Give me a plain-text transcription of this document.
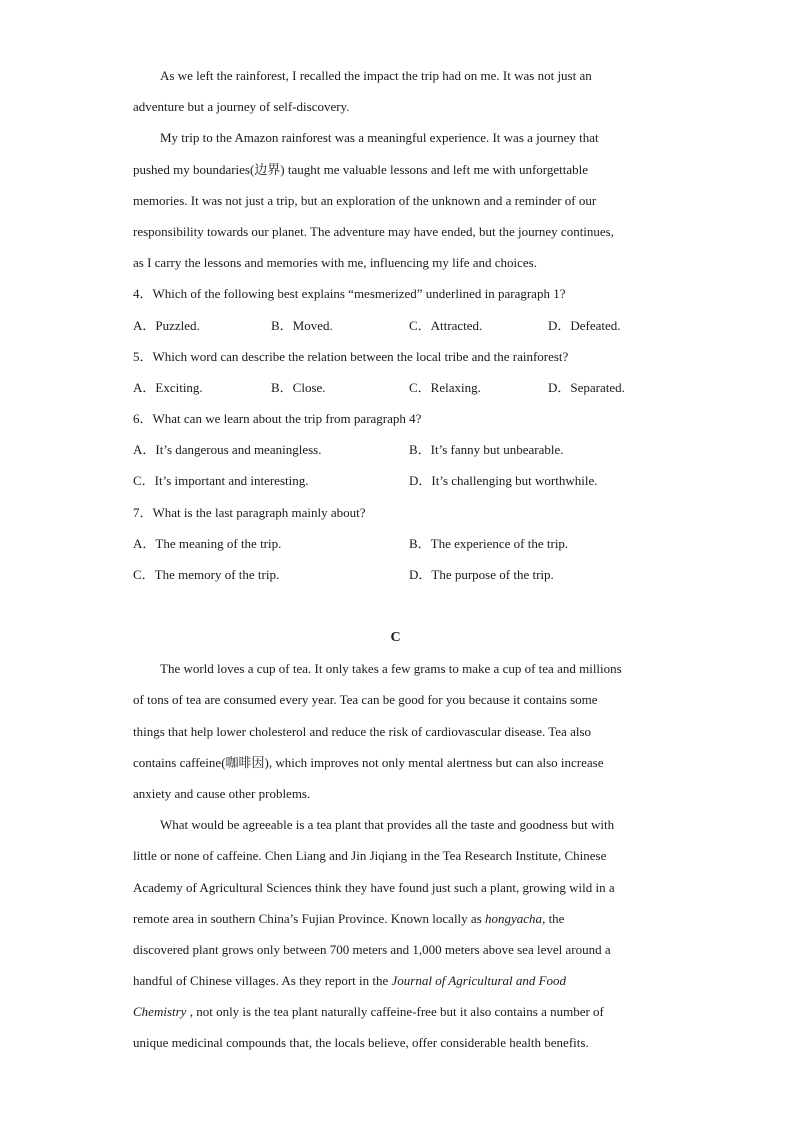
As we left the rainforest, I recalled the impact the trip had on me. It was not just an
adventure but a journey of self-discovery.
My trip to the Amazon rainforest was a meaningful experience. It was a journey that
pushed my boundaries(边界) taught me valuable lessons and left me with unforgettable
memories. It was not just a trip, but an exploration of the unknown and a reminder of our
responsibility towards our planet. The adventure may have ended, but the journey continues,
as I carry the lessons and memories with me, influencing my life and choices.
4．Which of the following best explains “mesmerized” underlined in paragraph 1?
A．Puzzled.	B．Moved.	C．Attracted.	D．Defeated.
5．Which word can describe the relation between the local tribe and the rainforest?
A．Exciting.	B．Close.	C．Relaxing.	D．Separated.
6．What can we learn about the trip from paragraph 4?
A．It’s dangerous and meaningless.	B．It’s fanny but unbearable.
C．It’s important and interesting.	D．It’s challenging but worthwhile.
7．What is the last paragraph mainly about?
A．The meaning of the trip.	B．The experience of the trip.
C．The memory of the trip.	D．The purpose of the trip.
C
The world loves a cup of tea. It only takes a few grams to make a cup of tea and millions
of tons of tea are consumed every year. Tea can be good for you because it contains some
things that help lower cholesterol and reduce the risk of cardiovascular disease. Tea also
contains caffeine(咖啡因), which improves not only mental alertness but can also increase
anxiety and cause other problems.
What would be agreeable is a tea plant that provides all the taste and goodness but with
little or none of caffeine. Chen Liang and Jin Jiqiang in the Tea Research Institute, Chinese
Academy of Agricultural Sciences think they have found just such a plant, growing wild in a
remote area in southern China’s Fujian Province. Known locally as hongyacha, the
discovered plant grows only between 700 meters and 1,000 meters above sea level around a
handful of Chinese villages. As they report in the Journal of Agricultural and Food
Chemistry , not only is the tea plant naturally caffeine-free but it also contains a number of
unique medicinal compounds that, the locals believe, offer considerable health benefits.
